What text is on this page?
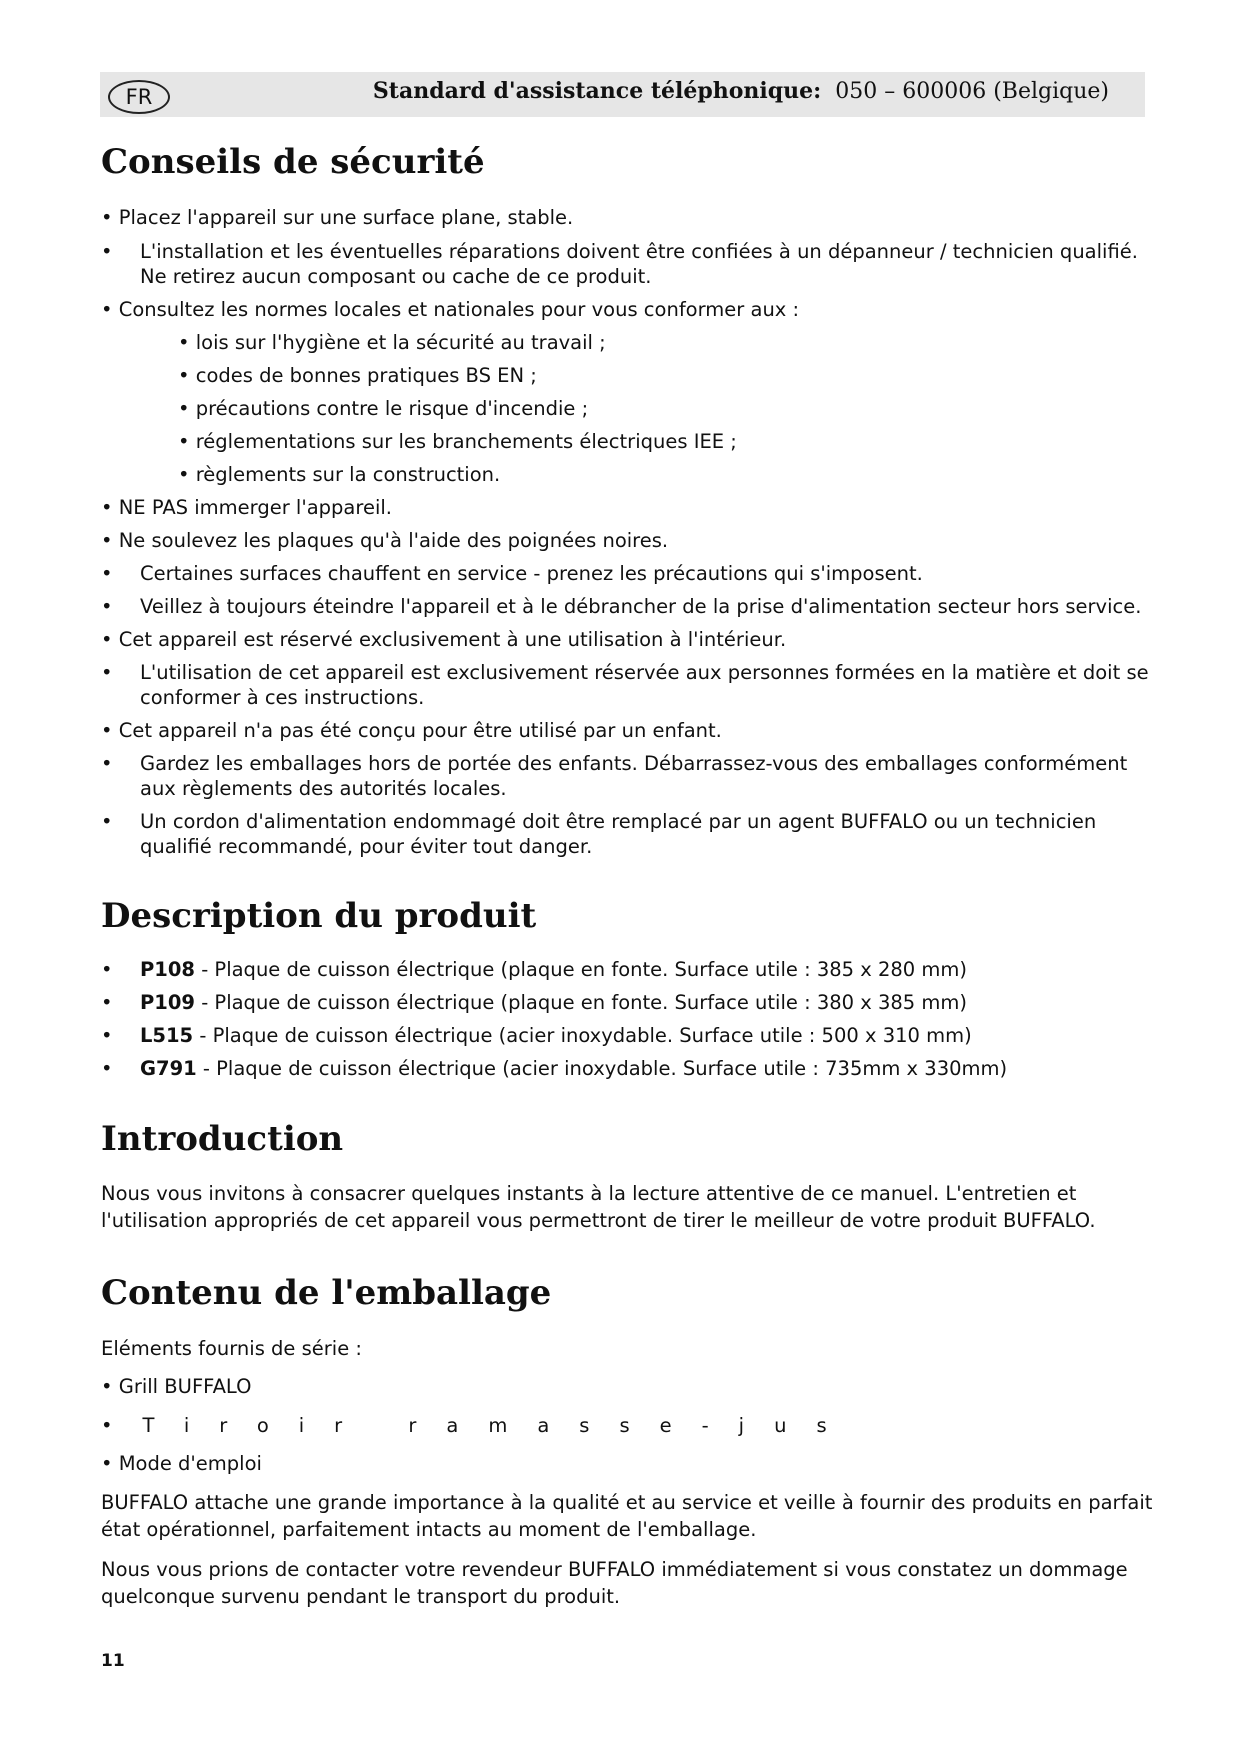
FR	Standard d'assistance téléphonique: 050 – 600006 (Belgique)
Conseils de sécurité
• Placez l'appareil sur une surface plane, stable.
• L'installation et les éventuelles réparations doivent être confiées à un dépanneur / technicien qualifié.
Ne retirez aucun composant ou cache de ce produit.
• Consultez les normes locales et nationales pour vous conformer aux :
• lois sur l'hygiène et la sécurité au travail ;
• codes de bonnes pratiques BS EN ;
• précautions contre le risque d'incendie ;
• réglementations sur les branchements électriques IEE ;
• règlements sur la construction.
• NE PAS immerger l'appareil.
• Ne soulevez les plaques qu'à l'aide des poignées noires.
• Certaines surfaces chauffent en service - prenez les précautions qui s'imposent.
• Veillez à toujours éteindre l'appareil et à le débrancher de la prise d'alimentation secteur hors service.
• Cet appareil est réservé exclusivement à une utilisation à l'intérieur.
• L'utilisation de cet appareil est exclusivement réservée aux personnes formées en la matière et doit se
conformer à ces instructions.
• Cet appareil n'a pas été conçu pour être utilisé par un enfant.
• Gardez les emballages hors de portée des enfants. Débarrassez-vous des emballages conformément
aux règlements des autorités locales.
• Un cordon d'alimentation endommagé doit être remplacé par un agent BUFFALO ou un technicien
qualifié recommandé, pour éviter tout danger.
Description du produit
• P108 - Plaque de cuisson électrique (plaque en fonte. Surface utile : 385 x 280 mm)
• P109 - Plaque de cuisson électrique (plaque en fonte. Surface utile : 380 x 385 mm)
• L515 - Plaque de cuisson électrique (acier inoxydable. Surface utile : 500 x 310 mm)
• G791 - Plaque de cuisson électrique (acier inoxydable. Surface utile : 735mm x 330mm)
Introduction
Nous vous invitons à consacrer quelques instants à la lecture attentive de ce manuel. L'entretien et
l'utilisation appropriés de cet appareil vous permettront de tirer le meilleur de votre produit BUFFALO.
Contenu de l'emballage
Eléments fournis de série :
• Grill BUFFALO
•Tiroir ramasse-jus
• Mode d'emploi
BUFFALO attache une grande importance à la qualité et au service et veille à fournir des produits en parfait
état opérationnel, parfaitement intacts au moment de l'emballage.
Nous vous prions de contacter votre revendeur BUFFALO immédiatement si vous constatez un dommage
quelconque survenu pendant le transport du produit.
11
